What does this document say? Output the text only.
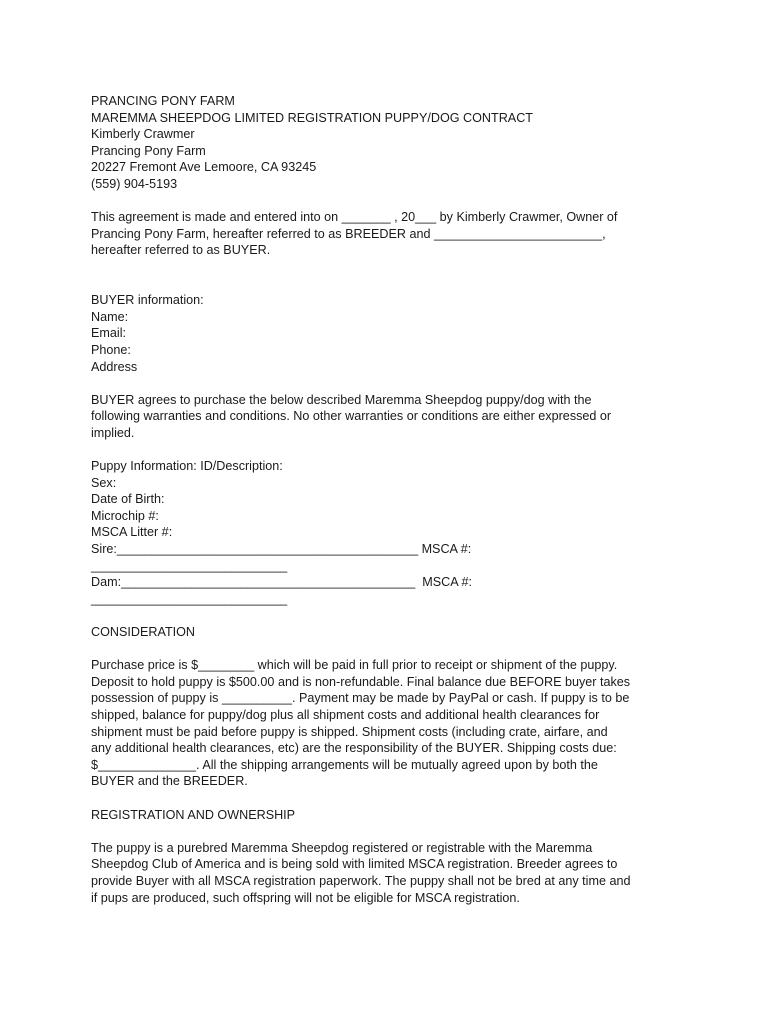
PRANCING PONY FARM
MAREMMA SHEEPDOG LIMITED REGISTRATION PUPPY/DOG CONTRACT
Kimberly Crawmer
Prancing Pony Farm
20227 Fremont Ave Lemoore, CA 93245
(559) 904-5193
This agreement is made and entered into on _______ , 20___ by Kimberly Crawmer, Owner of
Prancing Pony Farm, hereafter referred to as BREEDER and ________________________,
hereafter referred to as BUYER.
BUYER information:
Name:
Email:
Phone:
Address
BUYER agrees to purchase the below described Maremma Sheepdog puppy/dog with the
following warranties and conditions. No other warranties or conditions are either expressed or
implied.
Puppy Information: ID/Description:
Sex:
Date of Birth:
Microchip #:
MSCA Litter #:
Sire:___________________________________________ MSCA #:
____________________________
Dam:__________________________________________  MSCA #:
____________________________
CONSIDERATION
Purchase price is $________ which will be paid in full prior to receipt or shipment of the puppy.
Deposit to hold puppy is $500.00 and is non-refundable. Final balance due BEFORE buyer takes
possession of puppy is __________. Payment may be made by PayPal or cash. If puppy is to be
shipped, balance for puppy/dog plus all shipment costs and additional health clearances for
shipment must be paid before puppy is shipped. Shipment costs (including crate, airfare, and
any additional health clearances, etc) are the responsibility of the BUYER. Shipping costs due:
$______________. All the shipping arrangements will be mutually agreed upon by both the
BUYER and the BREEDER.
REGISTRATION AND OWNERSHIP
The puppy is a purebred Maremma Sheepdog registered or registrable with the Maremma
Sheepdog Club of America and is being sold with limited MSCA registration. Breeder agrees to
provide Buyer with all MSCA registration paperwork. The puppy shall not be bred at any time and
if pups are produced, such offspring will not be eligible for MSCA registration.
